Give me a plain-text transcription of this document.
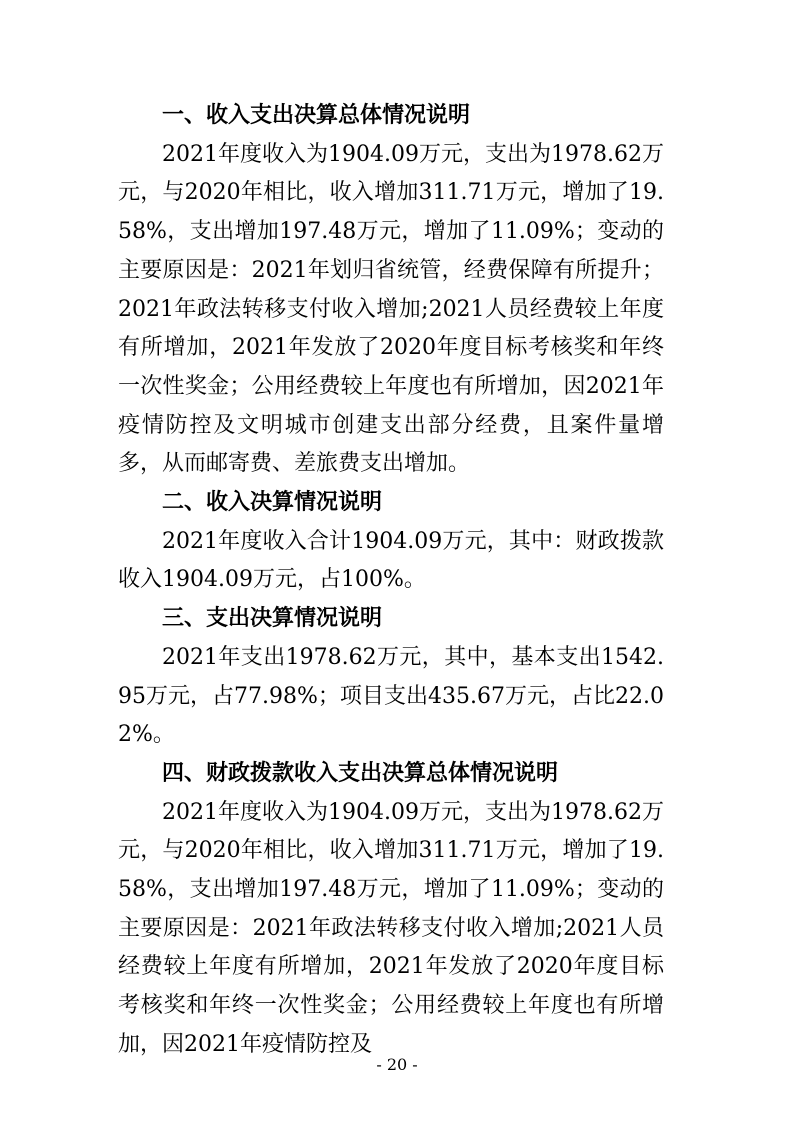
一、收入支出决算总体情况说明

2021年度收入为1904.09万元，支出为1978.62万元，与2020年相比，收入增加311.71万元，增加了19.58%，支出增加197.48万元，增加了11.09%；变动的主要原因是：2021年划归省统管，经费保障有所提升；2021年政法转移支付收入增加;2021人员经费较上年度有所增加，2021年发放了2020年度目标考核奖和年终一次性奖金；公用经费较上年度也有所增加，因2021年疫情防控及文明城市创建支出部分经费，且案件量增多，从而邮寄费、差旅费支出增加。

二、收入决算情况说明

2021年度收入合计1904.09万元，其中：财政拨款收入1904.09万元，占100%。

三、支出决算情况说明

2021年支出1978.62万元，其中，基本支出1542.95万元，占77.98%；项目支出435.67万元，占比22.02%。

四、财政拨款收入支出决算总体情况说明

2021年度收入为1904.09万元，支出为1978.62万元，与2020年相比，收入增加311.71万元，增加了19.58%，支出增加197.48万元，增加了11.09%；变动的主要原因是：2021年政法转移支付收入增加;2021人员经费较上年度有所增加，2021年发放了2020年度目标考核奖和年终一次性奖金；公用经费较上年度也有所增加，因2021年疫情防控及

- 20 -
